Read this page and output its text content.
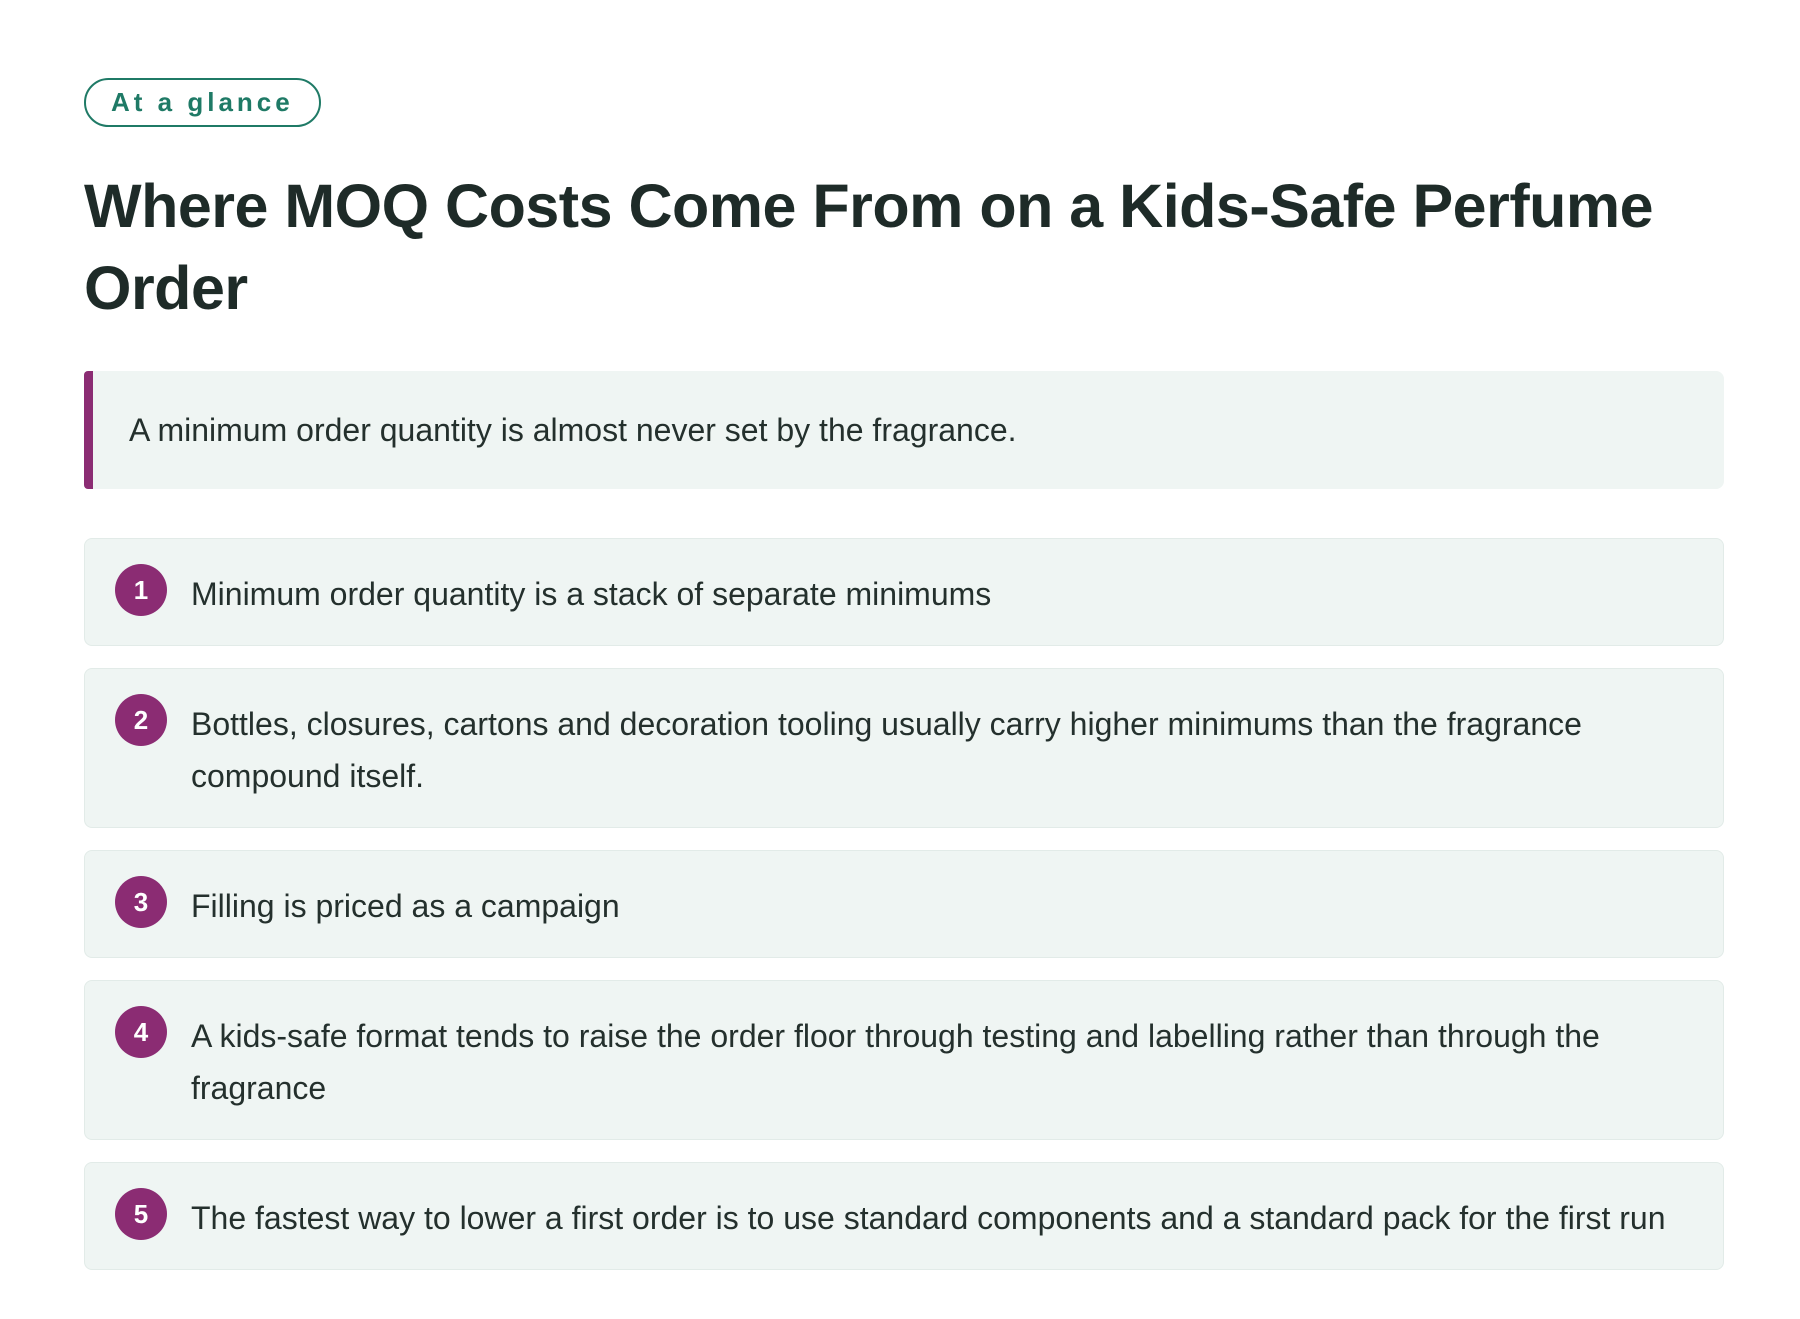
At a glance
Where MOQ Costs Come From on a Kids-Safe Perfume Order
A minimum order quantity is almost never set by the fragrance.
1	Minimum order quantity is a stack of separate minimums
2	Bottles, closures, cartons and decoration tooling usually carry higher minimums than the fragrance compound itself.
3	Filling is priced as a campaign
4	A kids-safe format tends to raise the order floor through testing and labelling rather than through the fragrance
5	The fastest way to lower a first order is to use standard components and a standard pack for the first run
